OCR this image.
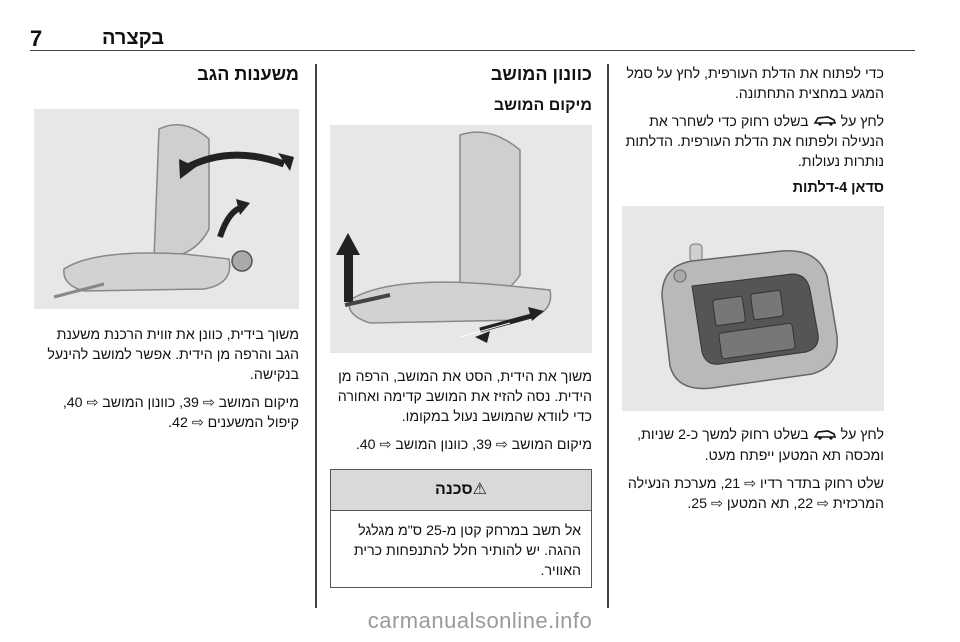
7	בקצרה
משענות הגב

משוך בידית, כוונן את זווית הרכנת משענת הגב והרפה מן הידית. אפשר למושב להינעל בנקישה.

מיקום המושב ⇨ 39, כוונון המושב ⇨ 40, קיפול המשענים ⇨ 42.

כוונון המושב
מיקום המושב

משוך את הידית, הסט את המושב, הרפה מן הידית. נסה להזיז את המושב קדימה ואחורה כדי לוודא שהמושב נעול במקומו.

מיקום המושב ⇨ 39, כוונון המושב ⇨ 40.

⚠סכנה

אל תשב במרחק קטן מ-25 ס"מ מגלגל ההגה. יש להותיר חלל להתנפחות כרית האוויר.

כדי לפתוח את הדלת העורפית, לחץ על סמל המגע במחצית התחתונה.

לחץ על  בשלט רחוק כדי לשחרר את הנעילה ולפתוח את הדלת העורפית. הדלתות נותרות נעולות.

סדאן 4-דלתות

לחץ על  בשלט רחוק למשך כ-2 שניות, ומכסה תא המטען ייפתח מעט.

שלט רחוק בתדר רדיו ⇨ 21, מערכת הנעילה המרכזית ⇨ 22, תא המטען ⇨ 25.

carmanualsonline.info
